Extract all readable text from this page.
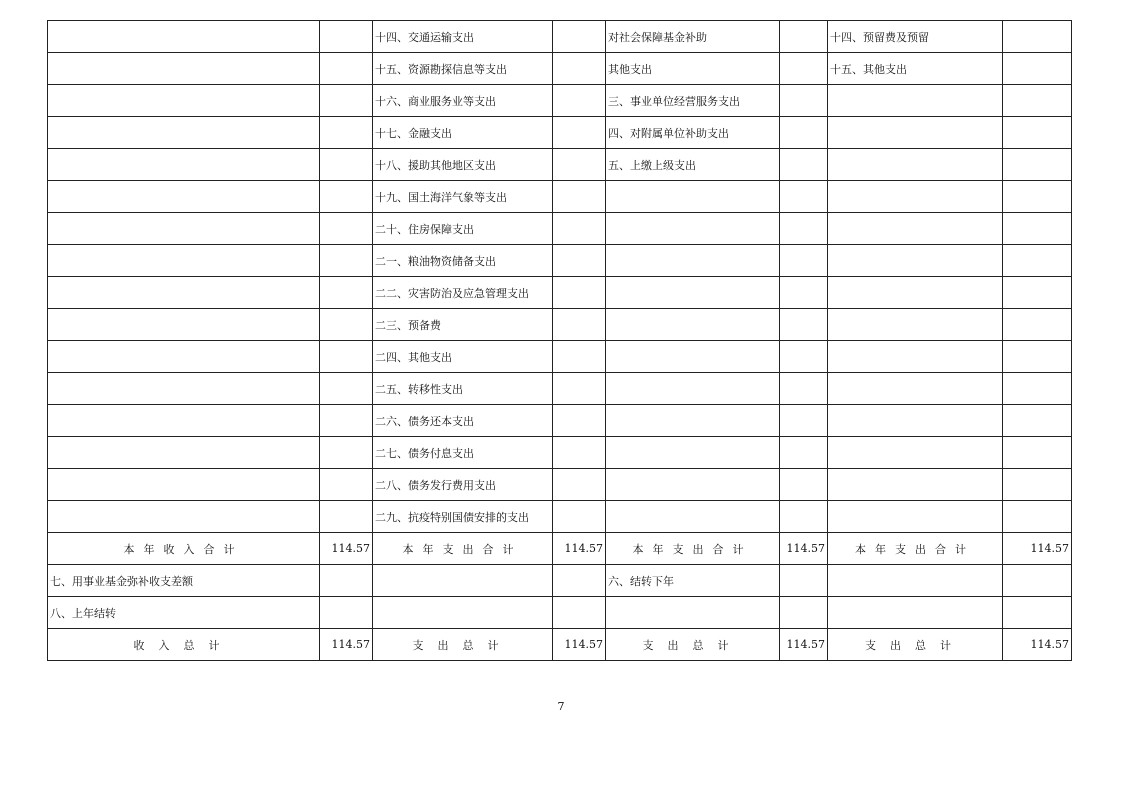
		十四、交通运输支出		对社会保障基金补助		十四、预留费及预留	
		十五、资源勘探信息等支出		其他支出		十五、其他支出	
		十六、商业服务业等支出		三、事业单位经营服务支出			
		十七、金融支出		四、对附属单位补助支出			
		十八、援助其他地区支出		五、上缴上级支出			
		十九、国土海洋气象等支出					
		二十、住房保障支出					
		二一、粮油物资储备支出					
		二二、灾害防治及应急管理支出					
		二三、预备费					
		二四、其他支出					
		二五、转移性支出					
		二六、债务还本支出					
		二七、债务付息支出					
		二八、债务发行费用支出					
		二九、抗疫特别国债安排的支出					
本年收入合计	114.57	本年支出合计	114.57	本年支出合计	114.57	本年支出合计	114.57
七、用事业基金弥补收支差额				六、结转下年			
八、上年结转							
收入总计	114.57	支出总计	114.57	支出总计	114.57	支出总计	114.57
7
